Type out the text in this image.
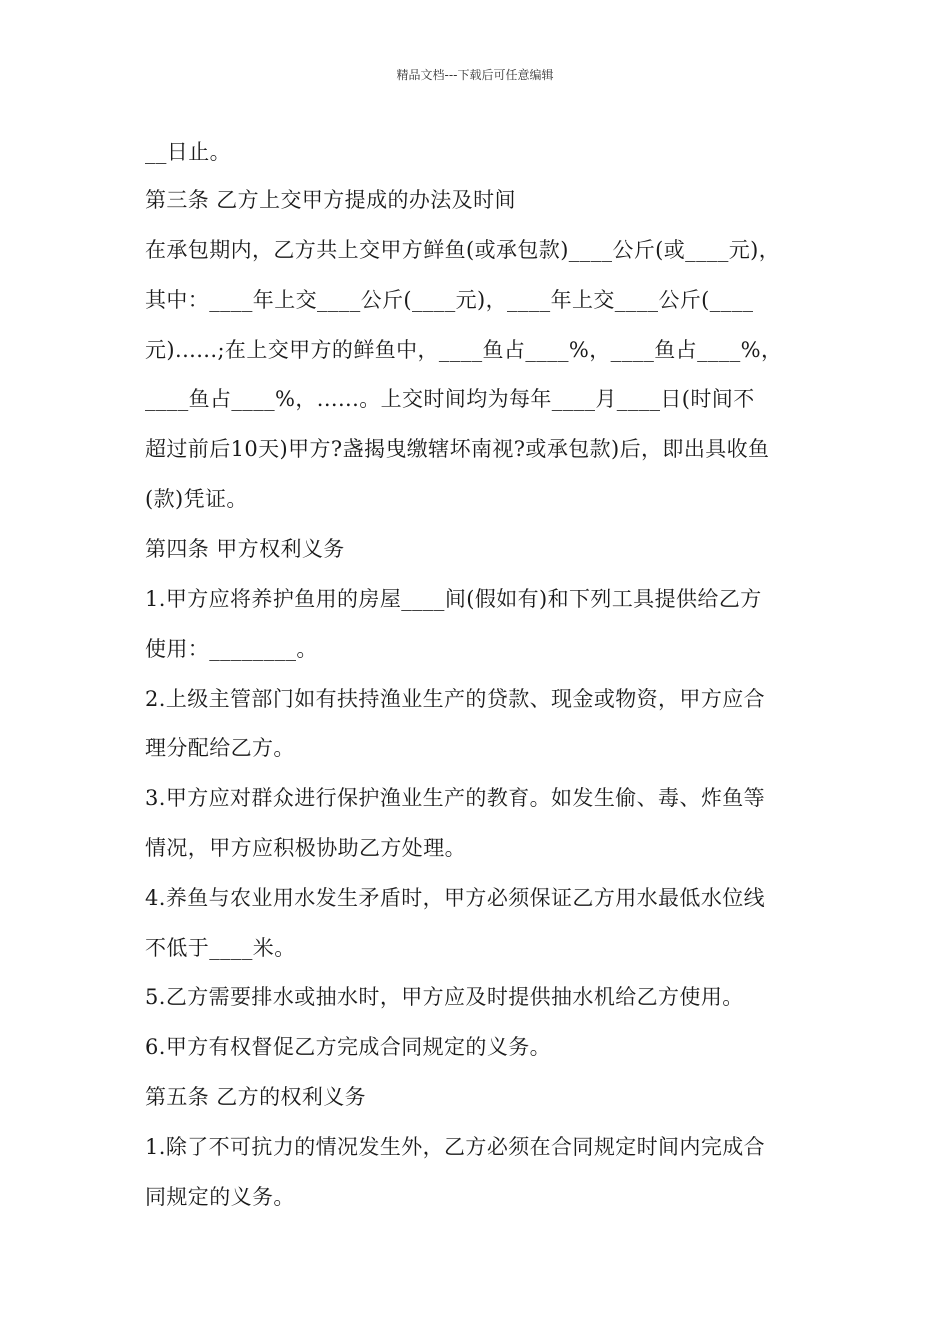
精品文档---下载后可任意编辑
__日止。
第三条 乙方上交甲方提成的办法及时间
在承包期内，乙方共上交甲方鲜鱼(或承包款)____公斤(或____元)，
其中：____年上交____公斤(____元)，____年上交____公斤(____
元)......;在上交甲方的鲜鱼中，____鱼占____%，____鱼占____%，
____鱼占____%，......。上交时间均为每年____月____日(时间不
超过前后10天)甲方?盏揭曳缴辖坏南视?或承包款)后，即出具收鱼
(款)凭证。
第四条 甲方权利义务
1.甲方应将养护鱼用的房屋____间(假如有)和下列工具提供给乙方
使用：________。
2.上级主管部门如有扶持渔业生产的贷款、现金或物资，甲方应合
理分配给乙方。
3.甲方应对群众进行保护渔业生产的教育。如发生偷、毒、炸鱼等
情况，甲方应积极协助乙方处理。
4.养鱼与农业用水发生矛盾时，甲方必须保证乙方用水最低水位线
不低于____米。
5.乙方需要排水或抽水时，甲方应及时提供抽水机给乙方使用。
6.甲方有权督促乙方完成合同规定的义务。
第五条 乙方的权利义务
1.除了不可抗力的情况发生外，乙方必须在合同规定时间内完成合
同规定的义务。
